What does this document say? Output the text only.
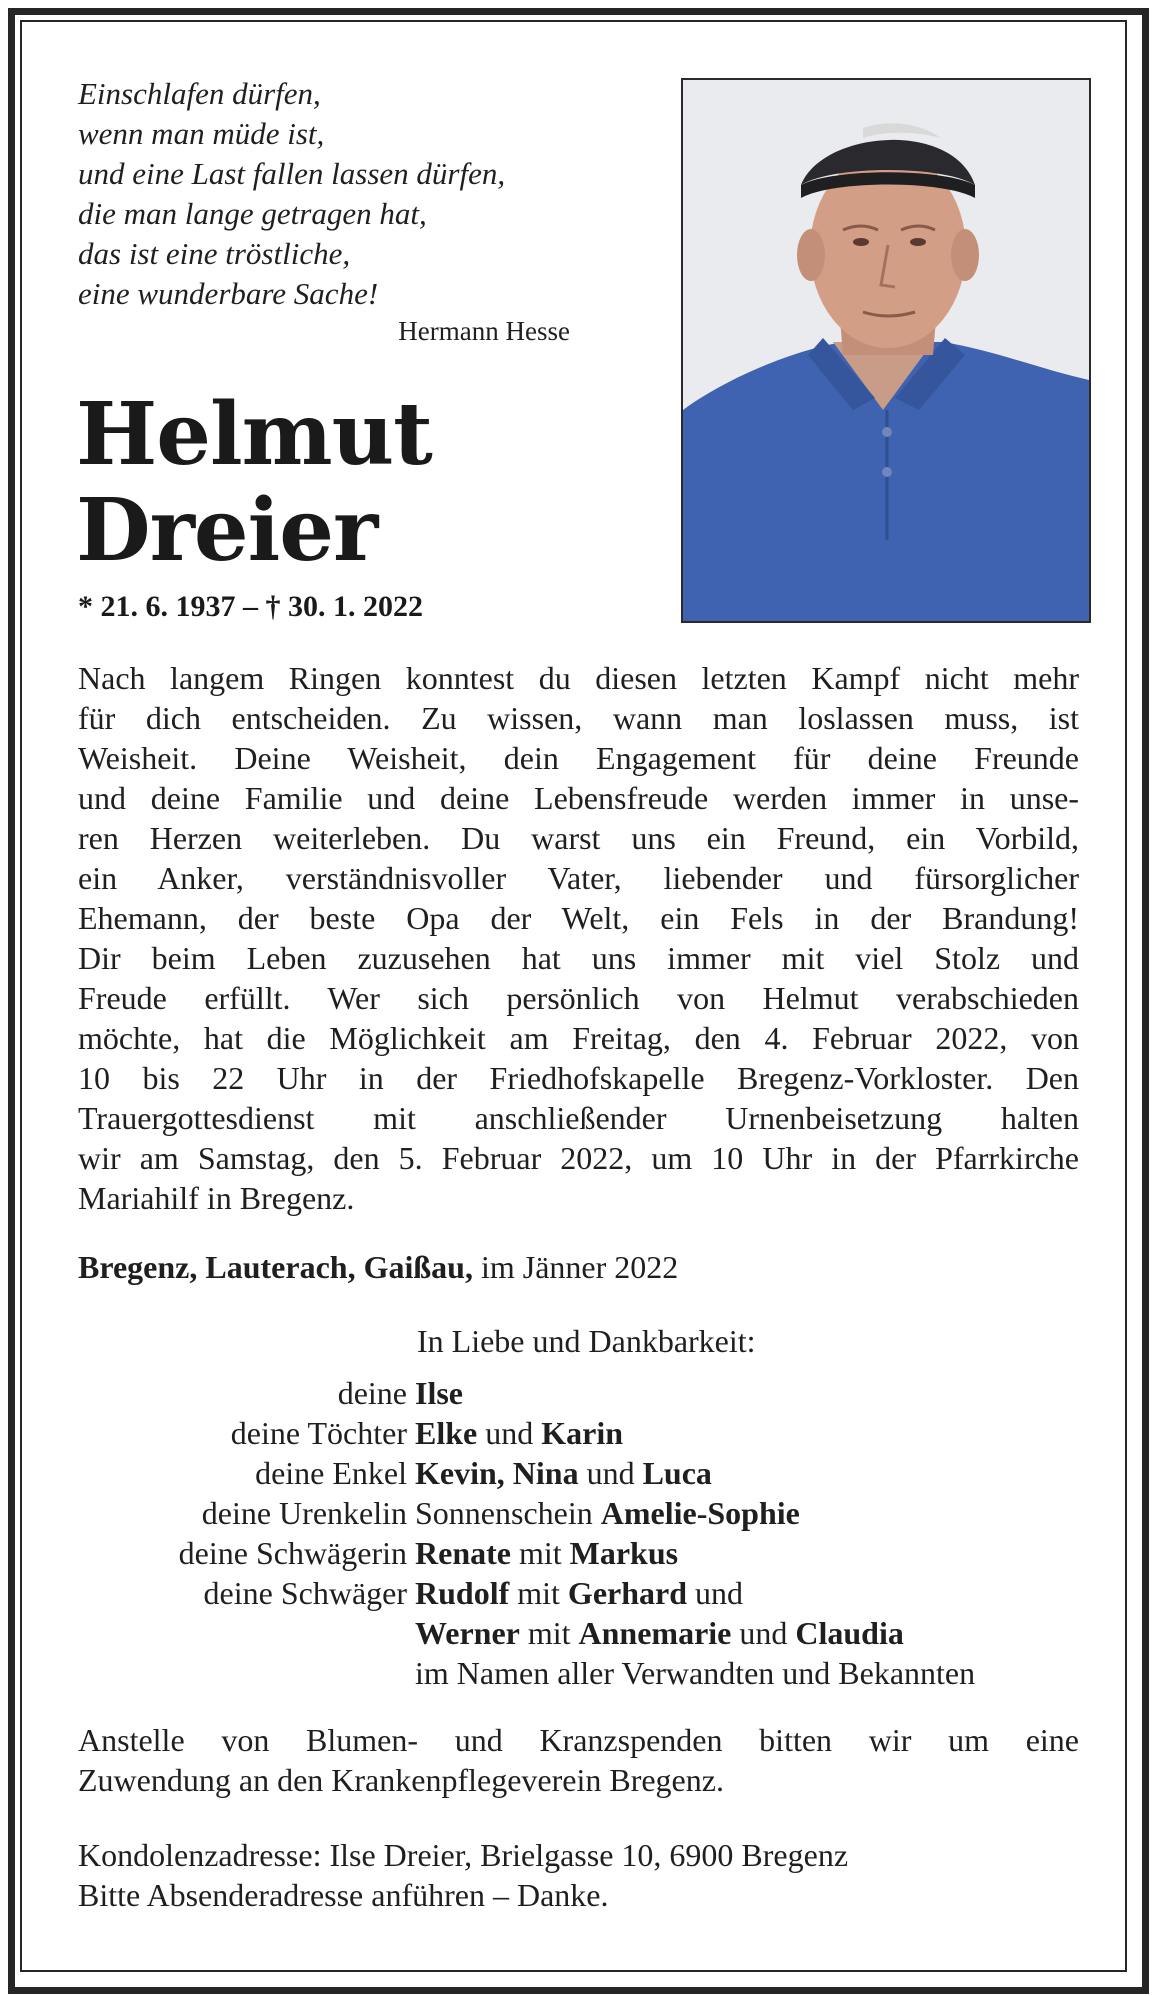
Einschlafen dürfen,
wenn man müde ist,
und eine Last fallen lassen dürfen,
die man lange getragen hat,
das ist eine tröstliche,
eine wunderbare Sache!
Hermann Hesse
Helmut
Dreier
* 21. 6. 1937 – † 30. 1. 2022
Nach langem Ringen konntest du diesen letzten Kampf nicht mehr
für dich entscheiden. Zu wissen, wann man loslassen muss, ist
Weisheit. Deine Weisheit, dein Engagement für deine Freunde
und deine Familie und deine Lebensfreude werden immer in unse-
ren Herzen weiterleben. Du warst uns ein Freund, ein Vorbild,
ein Anker, verständnisvoller Vater, liebender und fürsorglicher
Ehemann, der beste Opa der Welt, ein Fels in der Brandung!
Dir beim Leben zuzusehen hat uns immer mit viel Stolz und
Freude erfüllt. Wer sich persönlich von Helmut verabschieden
möchte, hat die Möglichkeit am Freitag, den 4. Februar 2022, von
10 bis 22 Uhr in der Friedhofskapelle Bregenz-Vorkloster. Den
Trauergottesdienst mit anschließender Urnenbeisetzung halten
wir am Samstag, den 5. Februar 2022, um 10 Uhr in der Pfarrkirche
Mariahilf in Bregenz.
Bregenz, Lauterach, Gaißau, im Jänner 2022
In Liebe und Dankbarkeit:
deine Ilse
deine Töchter Elke und Karin
deine Enkel Kevin, Nina und Luca
deine Urenkelin Sonnenschein Amelie-Sophie
deine Schwägerin Renate mit Markus
deine Schwäger Rudolf mit Gerhard und
Werner mit Annemarie und Claudia
im Namen aller Verwandten und Bekannten
Anstelle von Blumen- und Kranzspenden bitten wir um eine
Zuwendung an den Krankenpflegeverein Bregenz.
Kondolenzadresse: Ilse Dreier, Brielgasse 10, 6900 Bregenz
Bitte Absenderadresse anführen – Danke.
